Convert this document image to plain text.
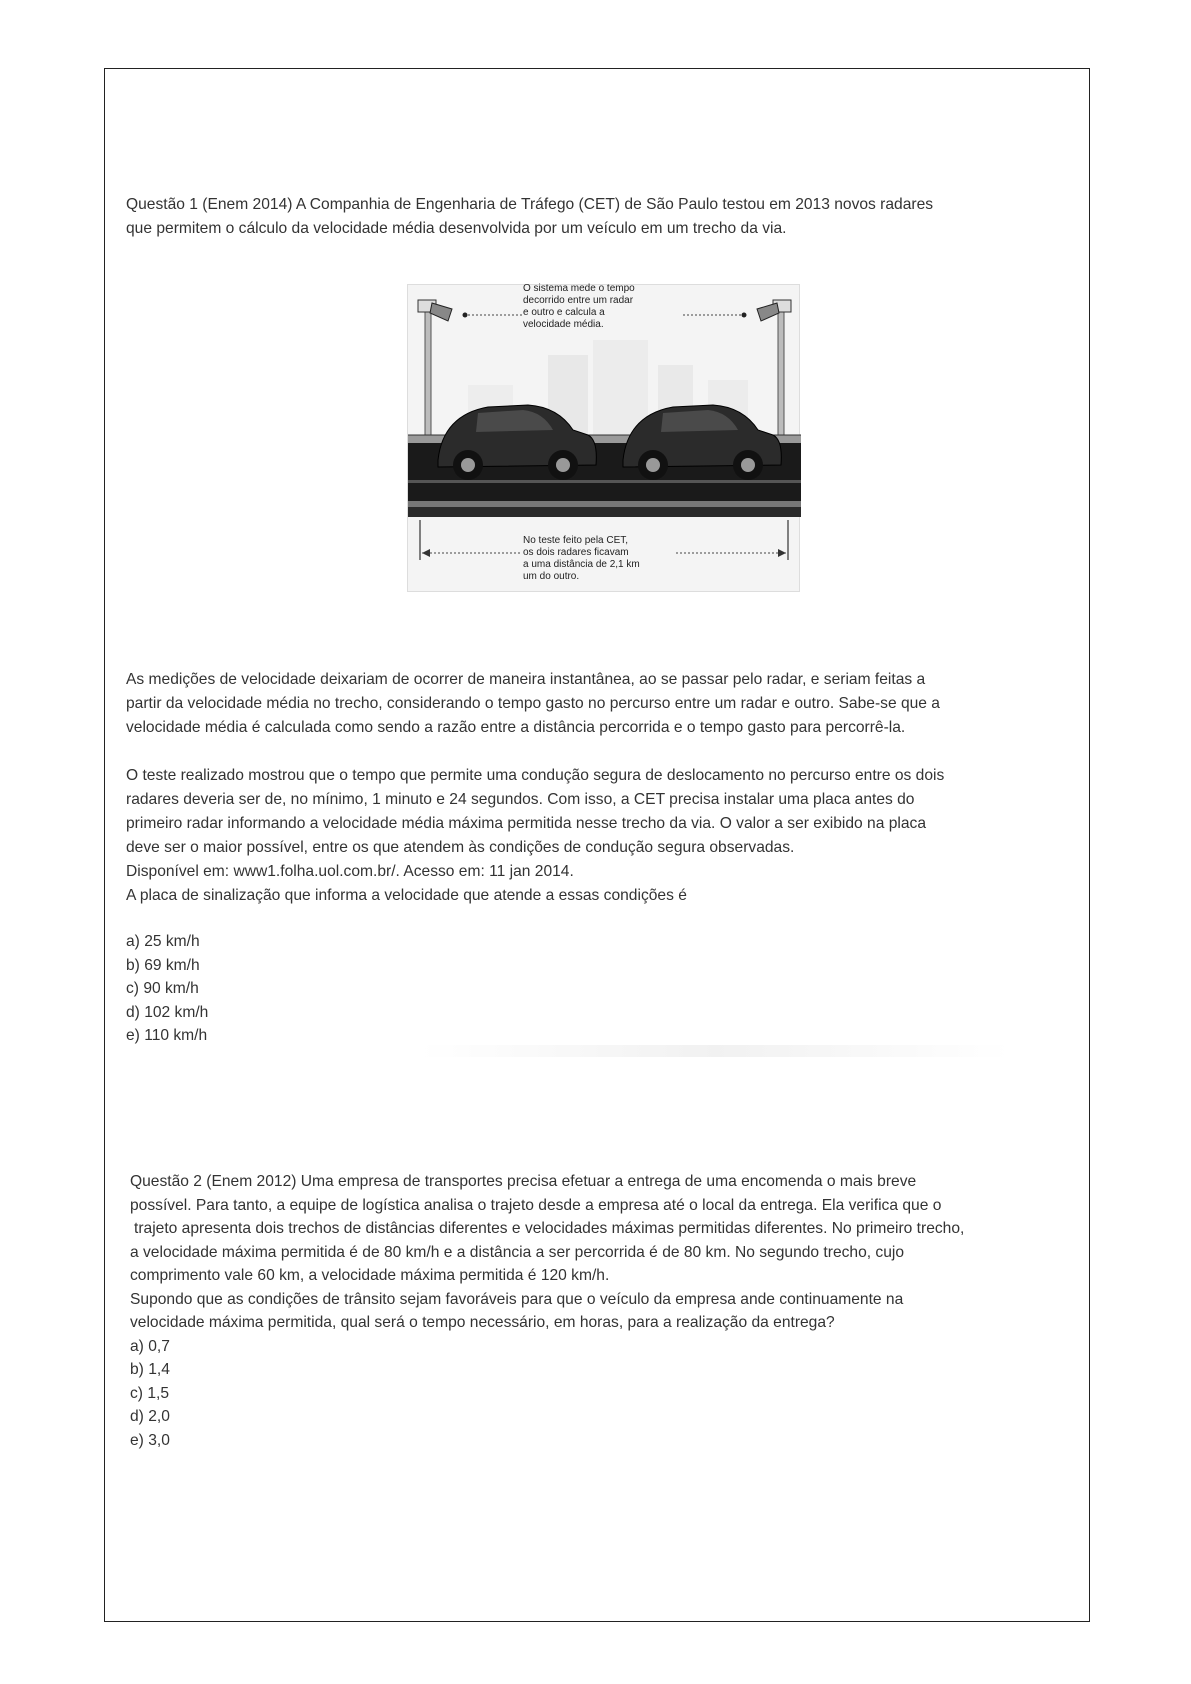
Questão 1 (Enem 2014) A Companhia de Engenharia de Tráfego (CET) de São Paulo testou em 2013 novos radares

que permitem o cálculo da velocidade média desenvolvida por um veículo em um trecho da via.

O sistema mede o tempo
decorrido entre um radar
e outro e calcula a
velocidade média.
No teste feito pela CET,
os dois radares ficavam
a uma distância de 2,1 km
um do outro.

As medições de velocidade deixariam de ocorrer de maneira instantânea, ao se passar pelo radar, e seriam feitas a

partir da velocidade média no trecho, considerando o tempo gasto no percurso entre um radar e outro. Sabe-se que a

velocidade média é calculada como sendo a razão entre a distância percorrida e o tempo gasto para percorrê-la.

O teste realizado mostrou que o tempo que permite uma condução segura de deslocamento no percurso entre os dois

radares deveria ser de, no mínimo, 1 minuto e 24 segundos. Com isso, a CET precisa instalar uma placa antes do

primeiro radar informando a velocidade média máxima permitida nesse trecho da via. O valor a ser exibido na placa

deve ser o maior possível, entre os que atendem às condições de condução segura observadas.

Disponível em: www1.folha.uol.com.br/. Acesso em: 11 jan 2014.

A placa de sinalização que informa a velocidade que atende a essas condições é

a) 25 km/h

b) 69 km/h

c) 90 km/h

d) 102 km/h

e) 110 km/h

Questão 2 (Enem 2012) Uma empresa de transportes precisa efetuar a entrega de uma encomenda o mais breve

possível. Para tanto, a equipe de logística analisa o trajeto desde a empresa até o local da entrega. Ela verifica que o

trajeto apresenta dois trechos de distâncias diferentes e velocidades máximas permitidas diferentes. No primeiro trecho,

a velocidade máxima permitida é de 80 km/h e a distância a ser percorrida é de 80 km. No segundo trecho, cujo

comprimento vale 60 km, a velocidade máxima permitida é 120 km/h.

Supondo que as condições de trânsito sejam favoráveis para que o veículo da empresa ande continuamente na

velocidade máxima permitida, qual será o tempo necessário, em horas, para a realização da entrega?

a) 0,7

b) 1,4

c) 1,5

d) 2,0

e) 3,0
